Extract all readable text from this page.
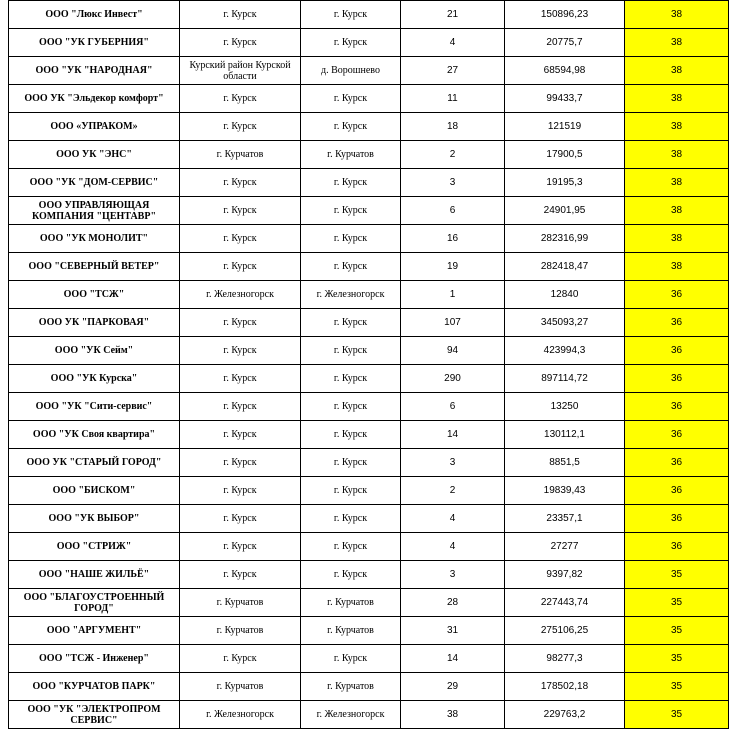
ООО "Люкс Инвест"	г. Курск	г. Курск	21	150896,23	38
ООО "УК ГУБЕРНИЯ"	г. Курск	г. Курск	4	20775,7	38
ООО "УК "НАРОДНАЯ"	Курский район Курской области	д. Ворошнево	27	68594,98	38
ООО УК "Эльдекор комфорт"	г. Курск	г. Курск	11	99433,7	38
ООО «УПРАКОМ»	г. Курск	г. Курск	18	121519	38
ООО УК "ЭНС"	г. Курчатов	г. Курчатов	2	17900,5	38
ООО "УК "ДОМ-СЕРВИС"	г. Курск	г. Курск	3	19195,3	38
ООО УПРАВЛЯЮЩАЯ КОМПАНИЯ "ЦЕНТАВР"	г. Курск	г. Курск	6	24901,95	38
ООО "УК МОНОЛИТ"	г. Курск	г. Курск	16	282316,99	38
ООО "СЕВЕРНЫЙ ВЕТЕР"	г. Курск	г. Курск	19	282418,47	38
ООО "ТСЖ"	г. Железногорск	г. Железногорск	1	12840	36
ООО УК "ПАРКОВАЯ"	г. Курск	г. Курск	107	345093,27	36
ООО "УК Сейм"	г. Курск	г. Курск	94	423994,3	36
ООО "УК Курска"	г. Курск	г. Курск	290	897114,72	36
ООО "УК "Сити-сервис"	г. Курск	г. Курск	6	13250	36
ООО "УК Своя квартира"	г. Курск	г. Курск	14	130112,1	36
ООО УК "СТАРЫЙ ГОРОД"	г. Курск	г. Курск	3	8851,5	36
ООО "БИСКОМ"	г. Курск	г. Курск	2	19839,43	36
ООО "УК ВЫБОР"	г. Курск	г. Курск	4	23357,1	36
ООО "СТРИЖ"	г. Курск	г. Курск	4	27277	36
ООО "НАШЕ ЖИЛЬЁ"	г. Курск	г. Курск	3	9397,82	35
ООО "БЛАГОУСТРОЕННЫЙ ГОРОД"	г. Курчатов	г. Курчатов	28	227443,74	35
ООО "АРГУМЕНТ"	г. Курчатов	г. Курчатов	31	275106,25	35
ООО "ТСЖ - Инженер"	г. Курск	г. Курск	14	98277,3	35
ООО "КУРЧАТОВ ПАРК"	г. Курчатов	г. Курчатов	29	178502,18	35
ООО "УК "ЭЛЕКТРОПРОМ СЕРВИС"	г. Железногорск	г. Железногорск	38	229763,2	35
